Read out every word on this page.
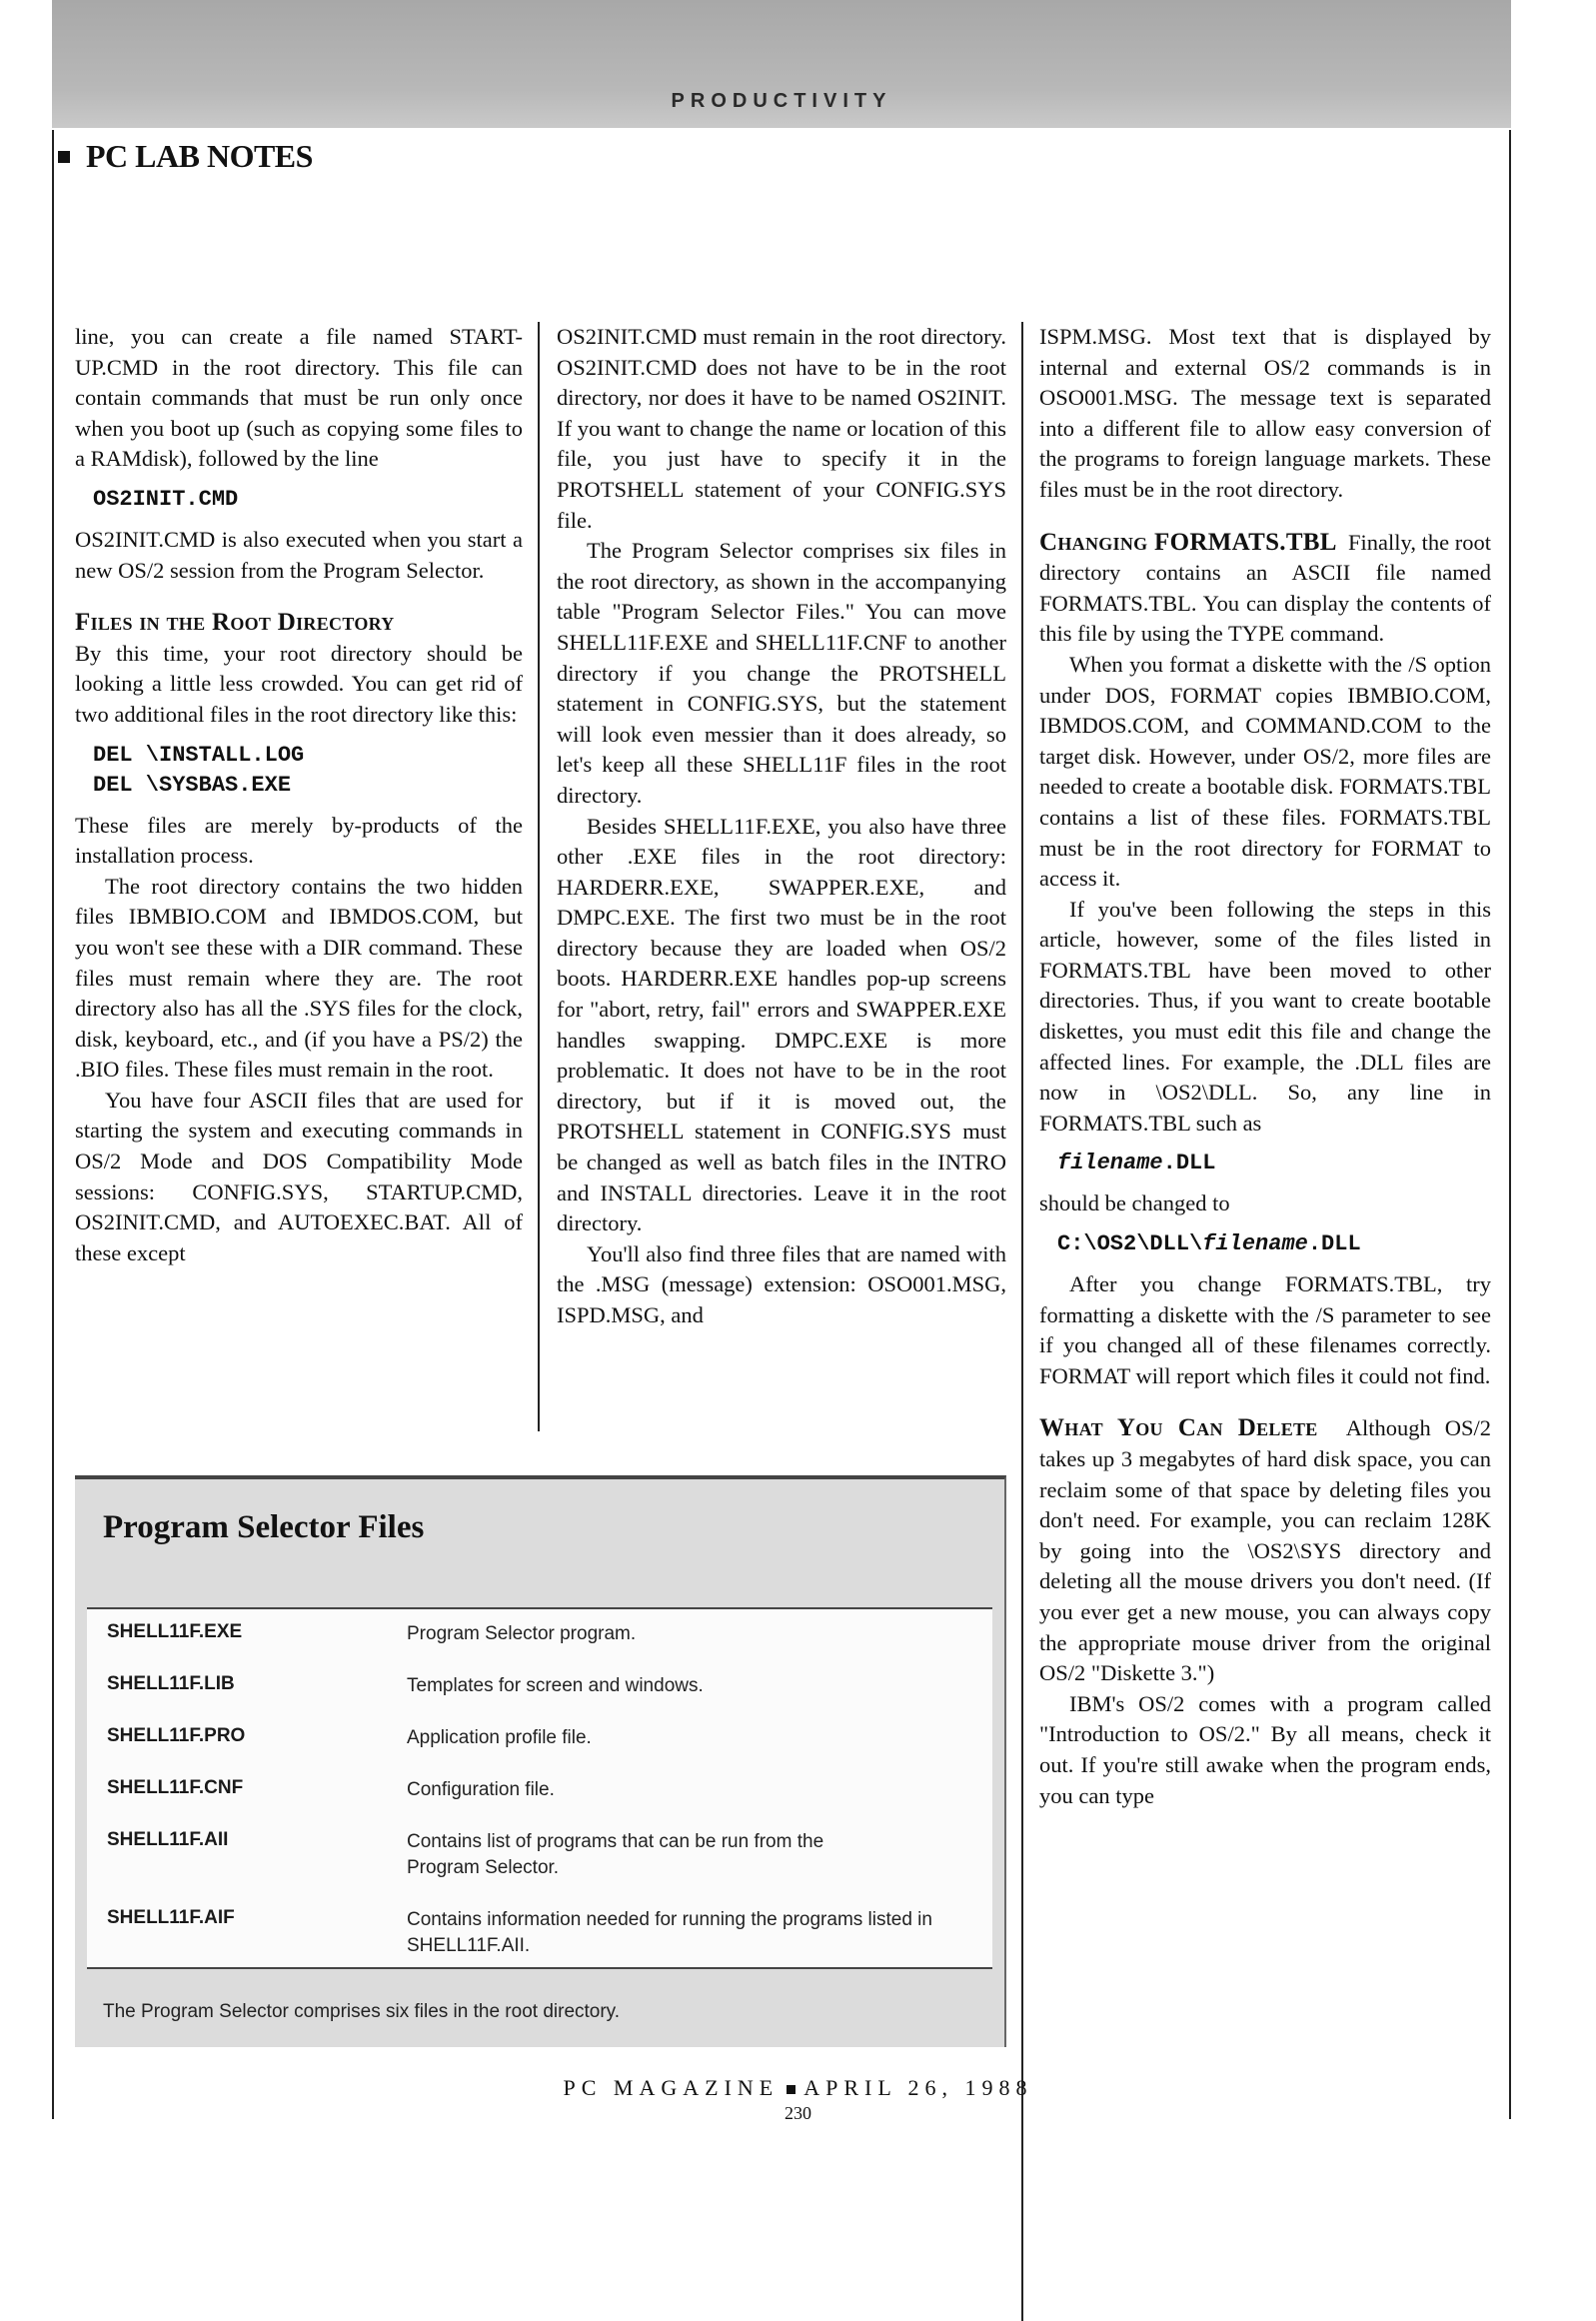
PRODUCTIVITY
PC LAB NOTES

line, you can create a file named START-UP.CMD in the root directory. This file can contain commands that must be run only once when you boot up (such as copying some files to a RAMdisk), followed by the line

OS2INIT.CMD

OS2INIT.CMD is also executed when you start a new OS/2 session from the Program Selector.

Files in the Root Directory

By this time, your root directory should be looking a little less crowded. You can get rid of two additional files in the root directory like this:

DEL \INSTALL.LOG
DEL \SYSBAS.EXE

These files are merely by-products of the installation process.

The root directory contains the two hidden files IBMBIO.COM and IBMDOS.COM, but you won't see these with a DIR command. These files must remain where they are. The root directory also has all the .SYS files for the clock, disk, keyboard, etc., and (if you have a PS/2) the .BIO files. These files must remain in the root.

You have four ASCII files that are used for starting the system and executing commands in OS/2 Mode and DOS Compatibility Mode sessions: CONFIG.SYS, STARTUP.CMD, OS2INIT.CMD, and AUTOEXEC.BAT. All of these except

OS2INIT.CMD must remain in the root directory. OS2INIT.CMD does not have to be in the root directory, nor does it have to be named OS2INIT. If you want to change the name or location of this file, you just have to specify it in the PROTSHELL statement of your CONFIG.SYS file.

The Program Selector comprises six files in the root directory, as shown in the accompanying table "Program Selector Files." You can move SHELL11F.EXE and SHELL11F.CNF to another directory if you change the PROTSHELL statement in CONFIG.SYS, but the statement will look even messier than it does already, so let's keep all these SHELL11F files in the root directory.

Besides SHELL11F.EXE, you also have three other .EXE files in the root directory: HARDERR.EXE, SWAPPER.EXE, and DMPC.EXE. The first two must be in the root directory because they are loaded when OS/2 boots. HARDERR.EXE handles pop-up screens for "abort, retry, fail" errors and SWAPPER.EXE handles swapping. DMPC.EXE is more problematic. It does not have to be in the root directory, but if it is moved out, the PROTSHELL statement in CONFIG.SYS must be changed as well as batch files in the INTRO and INSTALL directories. Leave it in the root directory.

You'll also find three files that are named with the .MSG (message) extension: OSO001.MSG, ISPD.MSG, and

ISPM.MSG. Most text that is displayed by internal and external OS/2 commands is in OSO001.MSG. The message text is separated into a different file to allow easy conversion of the programs to foreign language markets. These files must be in the root directory.

Changing FORMATS.TBL Finally, the root directory contains an ASCII file named FORMATS.TBL. You can display the contents of this file by using the TYPE command.

When you format a diskette with the /S option under DOS, FORMAT copies IBMBIO.COM, IBMDOS.COM, and COMMAND.COM to the target disk. However, under OS/2, more files are needed to create a bootable disk. FORMATS.TBL contains a list of these files. FORMATS.TBL must be in the root directory for FORMAT to access it.

If you've been following the steps in this article, however, some of the files listed in FORMATS.TBL have been moved to other directories. Thus, if you want to create bootable diskettes, you must edit this file and change the affected lines. For example, the .DLL files are now in \OS2\DLL. So, any line in FORMATS.TBL such as

filename.DLL

should be changed to

C:\OS2\DLL\filename.DLL

After you change FORMATS.TBL, try formatting a diskette with the /S parameter to see if you changed all of these filenames correctly. FORMAT will report which files it could not find.

What You Can Delete Although OS/2 takes up 3 megabytes of hard disk space, you can reclaim some of that space by deleting files you don't need. For example, you can reclaim 128K by going into the \OS2\SYS directory and deleting all the mouse drivers you don't need. (If you ever get a new mouse, you can always copy the appropriate mouse driver from the original OS/2 "Diskette 3.")

IBM's OS/2 comes with a program called "Introduction to OS/2." By all means, check it out. If you're still awake when the program ends, you can type

Program Selector Files
SHELL11F.EXE	Program Selector program.
SHELL11F.LIB	Templates for screen and windows.
SHELL11F.PRO	Application profile file.
SHELL11F.CNF	Configuration file.
SHELL11F.AII	Contains list of programs that can be run from the Program Selector.
SHELL11F.AIF	Contains information needed for running the programs listed in SHELL11F.AII.
The Program Selector comprises six files in the root directory.
PC MAGAZINE APRIL 26, 1988
230
